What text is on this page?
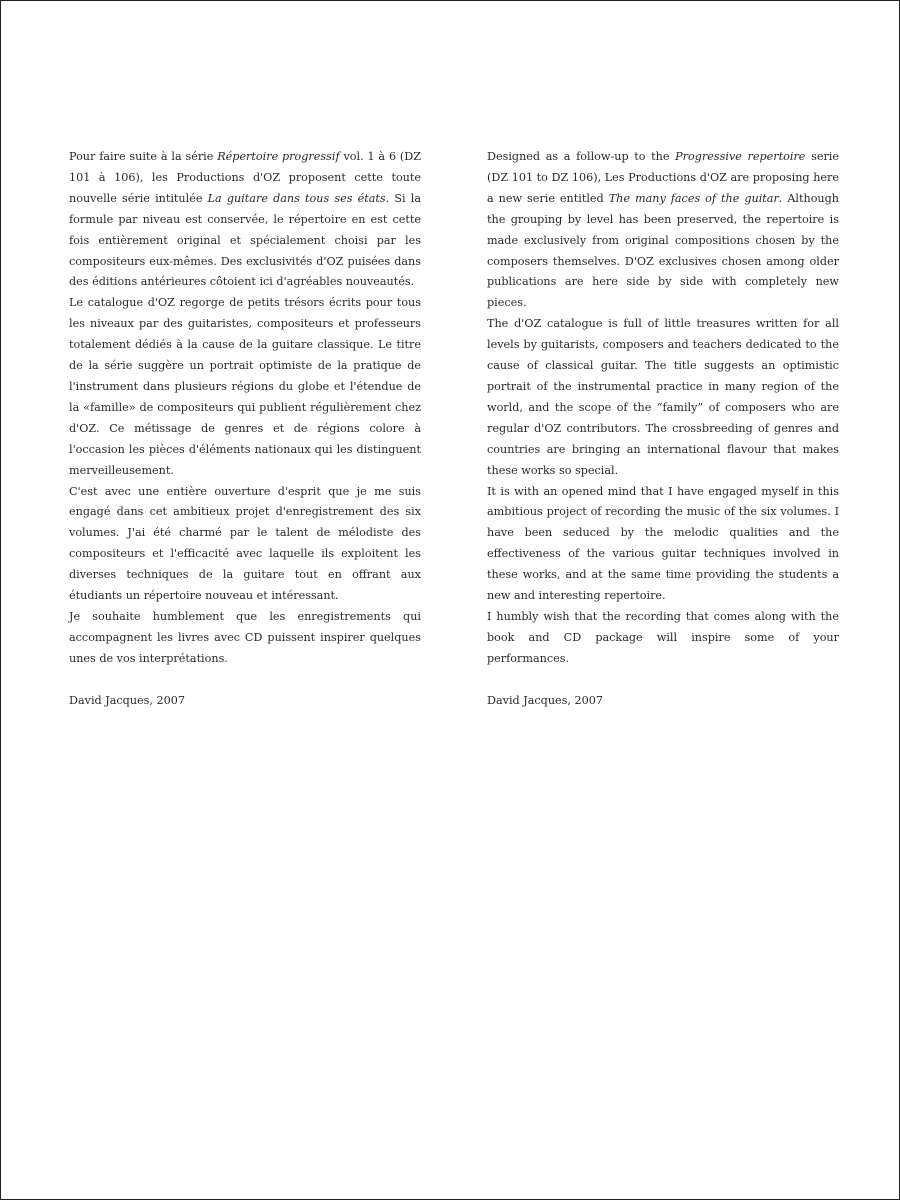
Pour faire suite à la série Répertoire progressif vol. 1 à 6 (DZ 101 à 106), les Productions d'OZ proposent cette toute nouvelle série intitulée La guitare dans tous ses états. Si la formule par niveau est conservée, le répertoire en est cette fois entièrement original et spécialement choisi par les compositeurs eux-mêmes. Des exclusivités d'OZ puisées dans des éditions antérieures côtoient ici d'agréables nouveautés.

Le catalogue d'OZ regorge de petits trésors écrits pour tous les niveaux par des guitaristes, compositeurs et professeurs totalement dédiés à la cause de la guitare classique. Le titre de la série suggère un portrait optimiste de la pratique de l'instrument dans plusieurs régions du globe et l'étendue de la «famille» de compositeurs qui publient régulièrement chez d'OZ. Ce métissage de genres et de régions colore à l'occasion les pièces d'éléments nationaux qui les distinguent merveilleusement.

C'est avec une entière ouverture d'esprit que je me suis engagé dans cet ambitieux projet d'enregistrement des six volumes. J'ai été charmé par le talent de mélodiste des compositeurs et l'efficacité avec laquelle ils exploitent les diverses techniques de la guitare tout en offrant aux étudiants un répertoire nouveau et intéressant.

Je souhaite humblement que les enregistrements qui accompagnent les livres avec CD puissent inspirer quelques unes de vos interprétations.

David Jacques, 2007

Designed as a follow-up to the Progressive repertoire serie (DZ 101 to DZ 106), Les Productions d'OZ are proposing here a new serie entitled The many faces of the guitar. Although the grouping by level has been preserved, the repertoire is made exclusively from original compositions chosen by the composers themselves. D'OZ exclusives chosen among older publications are here side by side with completely new pieces.

The d'OZ catalogue is full of little treasures written for all levels by guitarists, composers and teachers dedicated to the cause of classical guitar. The title suggests an optimistic portrait of the instrumental practice in many region of the world, and the scope of the “family” of composers who are regular d'OZ contributors. The crossbreeding of genres and countries are bringing an international flavour that makes these works so special.

It is with an opened mind that I have engaged myself in this ambitious project of recording the music of the six volumes. I have been seduced by the melodic qualities and the effectiveness of the various guitar techniques involved in these works, and at the same time providing the students a new and interesting repertoire.

I humbly wish that the recording that comes along with the book and CD package will inspire some of your performances.

David Jacques, 2007
